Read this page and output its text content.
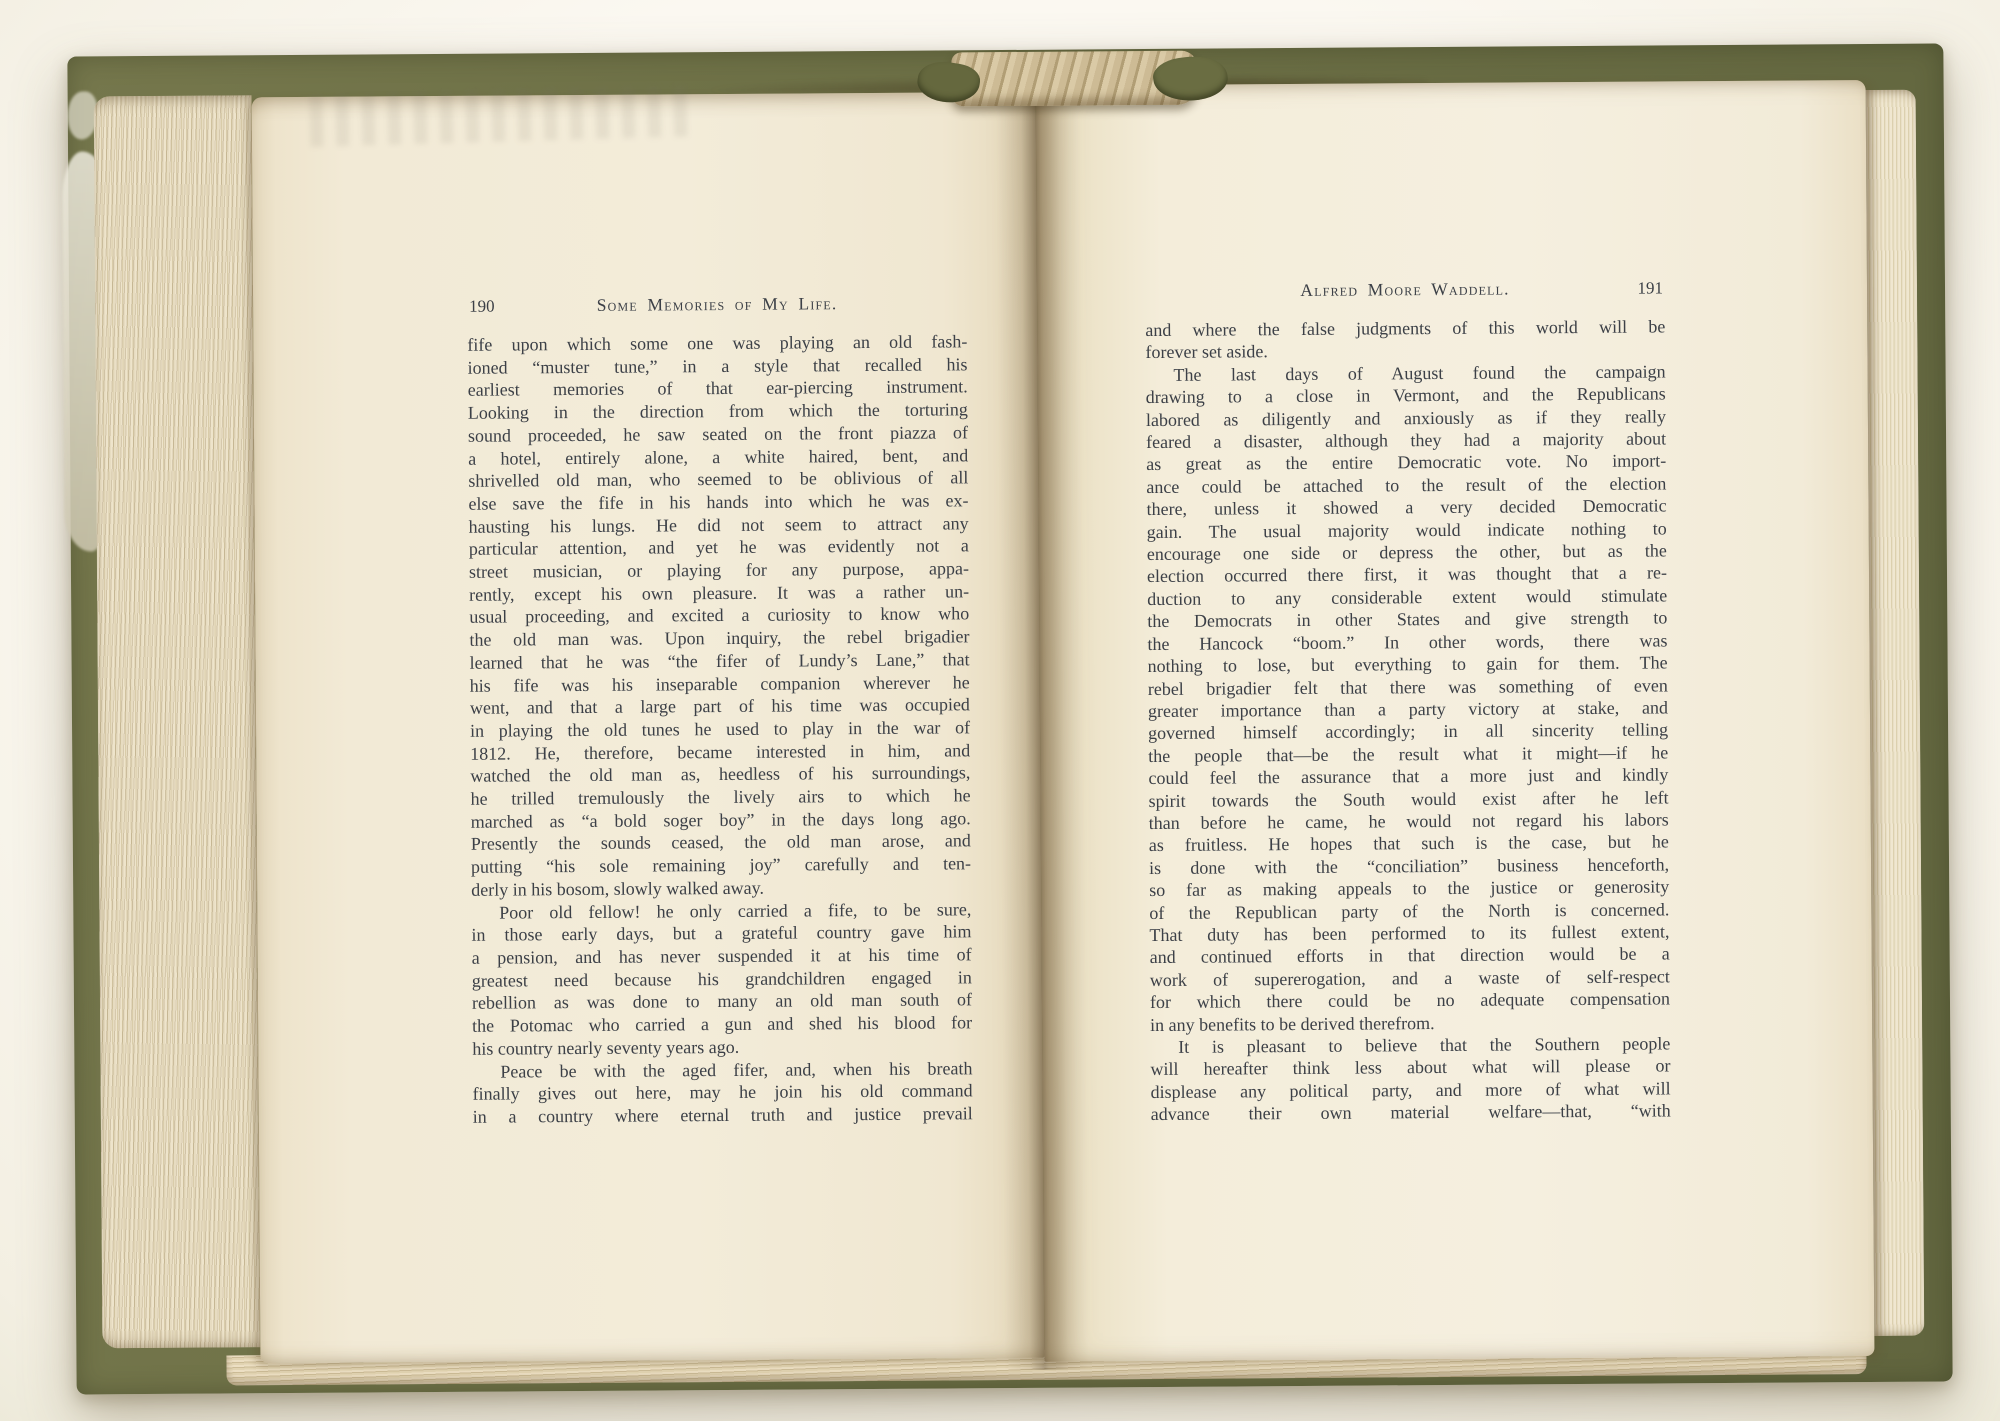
190	Some Memories of My Life.
fife upon which some one was playing an old fash-
ioned “muster tune,” in a style that recalled his
earliest memories of that ear-piercing instrument.
Looking in the direction from which the torturing
sound proceeded, he saw seated on the front piazza of
a hotel, entirely alone, a white haired, bent, and
shrivelled old man, who seemed to be oblivious of all
else save the fife in his hands into which he was ex-
hausting his lungs. He did not seem to attract any
particular attention, and yet he was evidently not a
street musician, or playing for any purpose, appa-
rently, except his own pleasure. It was a rather un-
usual proceeding, and excited a curiosity to know who
the old man was. Upon inquiry, the rebel brigadier
learned that he was “the fifer of Lundy’s Lane,” that
his fife was his inseparable companion wherever he
went, and that a large part of his time was occupied
in playing the old tunes he used to play in the war of
1812. He, therefore, became interested in him, and
watched the old man as, heedless of his surroundings,
he trilled tremulously the lively airs to which he
marched as “a bold soger boy” in the days long ago.
Presently the sounds ceased, the old man arose, and
putting “his sole remaining joy” carefully and ten-
derly in his bosom, slowly walked away.
Poor old fellow! he only carried a fife, to be sure,
in those early days, but a grateful country gave him
a pension, and has never suspended it at his time of
greatest need because his grandchildren engaged in
rebellion as was done to many an old man south of
the Potomac who carried a gun and shed his blood for
his country nearly seventy years ago.
Peace be with the aged fifer, and, when his breath
finally gives out here, may he join his old command
in a country where eternal truth and justice prevail
Alfred Moore Waddell.	191
and where the false judgments of this world will be
forever set aside.
The last days of August found the campaign
drawing to a close in Vermont, and the Republicans
labored as diligently and anxiously as if they really
feared a disaster, although they had a majority about
as great as the entire Democratic vote. No import-
ance could be attached to the result of the election
there, unless it showed a very decided Democratic
gain. The usual majority would indicate nothing to
encourage one side or depress the other, but as the
election occurred there first, it was thought that a re-
duction to any considerable extent would stimulate
the Democrats in other States and give strength to
the Hancock “boom.” In other words, there was
nothing to lose, but everything to gain for them. The
rebel brigadier felt that there was something of even
greater importance than a party victory at stake, and
governed himself accordingly; in all sincerity telling
the people that—be the result what it might—if he
could feel the assurance that a more just and kindly
spirit towards the South would exist after he left
than before he came, he would not regard his labors
as fruitless. He hopes that such is the case, but he
is done with the “conciliation” business henceforth,
so far as making appeals to the justice or generosity
of the Republican party of the North is concerned.
That duty has been performed to its fullest extent,
and continued efforts in that direction would be a
work of supererogation, and a waste of self-respect
for which there could be no adequate compensation
in any benefits to be derived therefrom.
It is pleasant to believe that the Southern people
will hereafter think less about what will please or
displease any political party, and more of what will
advance their own material welfare—that, “with
